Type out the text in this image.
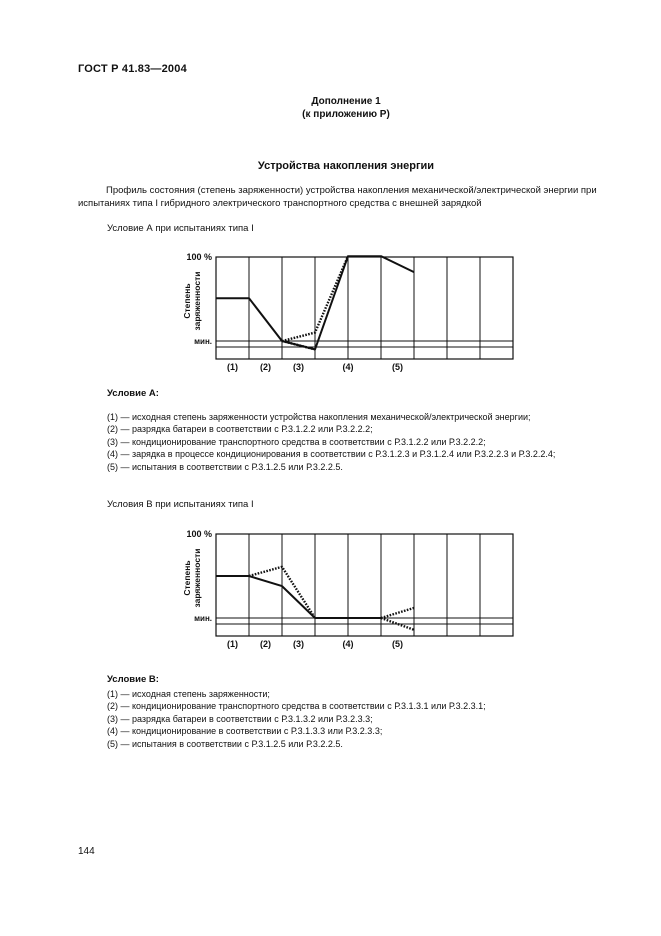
ГОСТ Р 41.83—2004
Дополнение 1
(к приложению P)
Устройства накопления энергии

Профиль состояния (степень заряженности) устройства накопления механической/электрической энергии при испытаниях типа I гибридного электрического транспортного средства с внешней зарядкой

Условие А при испытаниях типа I
100 %
мин.
Степень заряженности
(1) (2) (3)	(4)	(5)
Условие А:
(1) — исходная степень заряженности устройства накопления механической/электрической энергии;
(2) — разрядка батареи в соответствии с Р.3.1.2.2 или Р.3.2.2.2;
(3) — кондиционирование транспортного средства в соответствии с Р.3.1.2.2 или Р.3.2.2.2;
(4) — зарядка в процессе кондиционирования в соответствии с Р.3.1.2.3 и Р.3.1.2.4 или Р.3.2.2.3 и Р.3.2.2.4;
(5) — испытания в соответствии с Р.3.1.2.5 или Р.3.2.2.5.
Условия В при испытаниях типа I
100 %
мин.
Степень заряженности
(1) (2) (3)	(4)	(5)
Условие В:
(1) — исходная степень заряженности;
(2) — кондиционирование транспортного средства в соответствии с Р.3.1.3.1 или Р.3.2.3.1;
(3) — разрядка батареи в соответствии с Р.3.1.3.2 или Р.3.2.3.3;
(4) — кондиционирование в соответствии с Р.3.1.3.3 или Р.3.2.3.3;
(5) — испытания в соответствии с Р.3.1.2.5 или Р.3.2.2.5.
144
